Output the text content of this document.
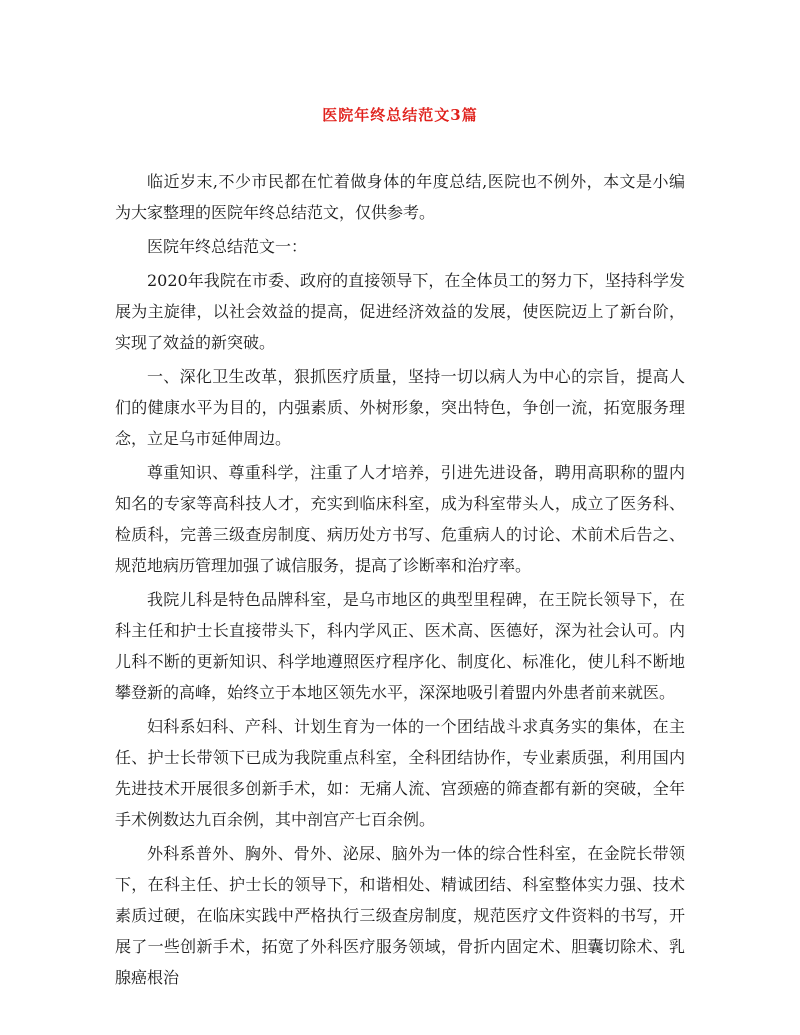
医院年终总结范文3篇

临近岁末,不少市民都在忙着做身体的年度总结,医院也不例外，本文是小编为大家整理的医院年终总结范文，仅供参考。

医院年终总结范文一：

2020年我院在市委、政府的直接领导下，在全体员工的努力下，坚持科学发展为主旋律，以社会效益的提高，促进经济效益的发展，使医院迈上了新台阶，实现了效益的新突破。

一、深化卫生改革，狠抓医疗质量，坚持一切以病人为中心的宗旨，提高人们的健康水平为目的，内强素质、外树形象，突出特色，争创一流，拓宽服务理念，立足乌市延伸周边。

尊重知识、尊重科学，注重了人才培养，引进先进设备，聘用高职称的盟内知名的专家等高科技人才，充实到临床科室，成为科室带头人，成立了医务科、检质科，完善三级查房制度、病历处方书写、危重病人的讨论、术前术后告之、规范地病历管理加强了诚信服务，提高了诊断率和治疗率。

我院儿科是特色品牌科室，是乌市地区的典型里程碑，在王院长领导下，在科主任和护士长直接带头下，科内学风正、医术高、医德好，深为社会认可。内儿科不断的更新知识、科学地遵照医疗程序化、制度化、标准化，使儿科不断地攀登新的高峰，始终立于本地区领先水平，深深地吸引着盟内外患者前来就医。

妇科系妇科、产科、计划生育为一体的一个团结战斗求真务实的集体，在主任、护士长带领下已成为我院重点科室，全科团结协作，专业素质强，利用国内先进技术开展很多创新手术，如：无痛人流、宫颈癌的筛查都有新的突破，全年手术例数达九百余例，其中剖宫产七百余例。

外科系普外、胸外、骨外、泌尿、脑外为一体的综合性科室，在金院长带领下，在科主任、护士长的领导下，和谐相处、精诚团结、科室整体实力强、技术素质过硬，在临床实践中严格执行三级查房制度，规范医疗文件资料的书写，开展了一些创新手术，拓宽了外科医疗服务领域，骨折内固定术、胆囊切除术、乳腺癌根治
